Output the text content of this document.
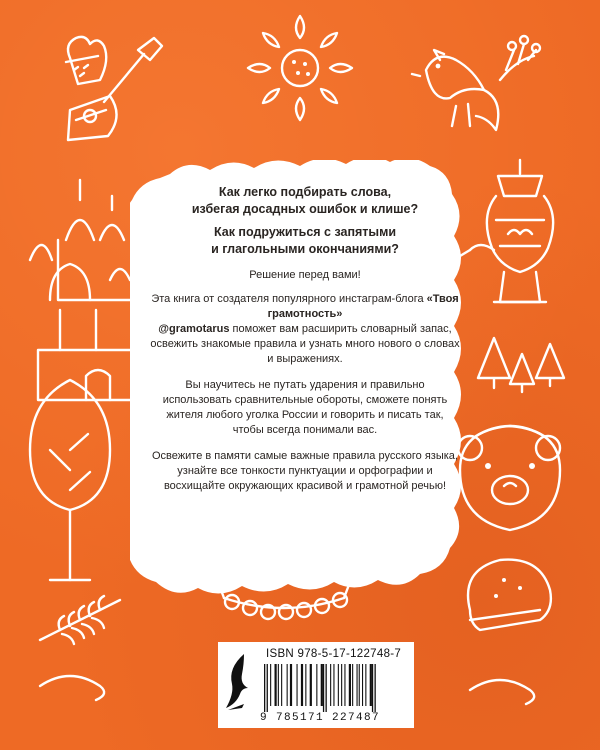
Как легко подбирать слова,
избегая досадных ошибок и клише?

Как подружиться с запятыми
и глагольными окончаниями?

Решение перед вами!

Эта книга от создателя популярного инстаграм-блога «Твоя грамотность»
@gramotarus поможет вам расширить словарный запас, освежить знакомые правила и узнать много нового о словах и выражениях.

Вы научитесь не путать ударения и правильно использовать сравнительные обороты, сможете понять жителя любого уголка России и говорить и писать так, чтобы всегда понимали вас.

Освежите в памяти самые важные правила русского языка, узнайте все тонкости пунктуации и орфографии и восхищайте окружающих красивой и грамотной речью!

ISBN 978-5-17-122748-7
9 785171 227487
